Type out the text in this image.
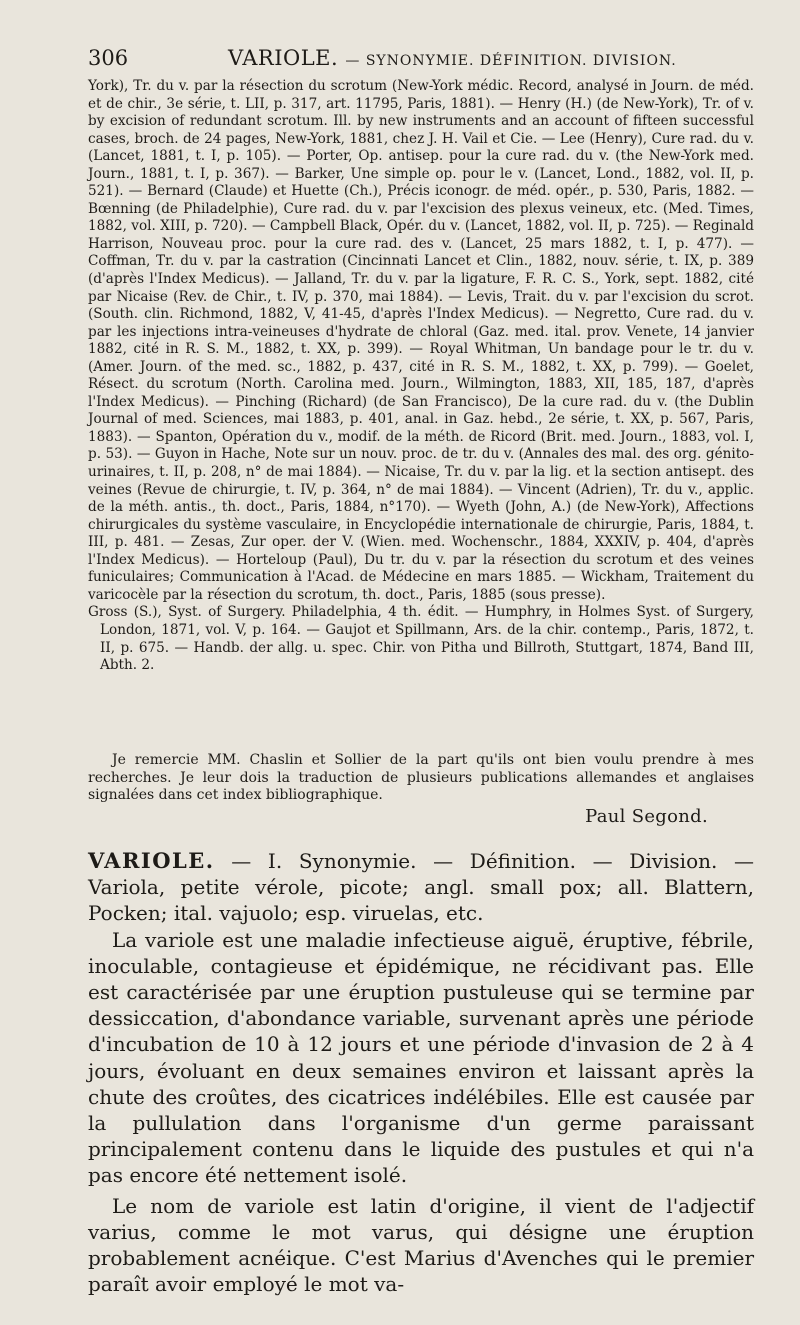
306	VARIOLE. — SYNONYMIE. DÉFINITION. DIVISION.

York), Tr. du v. par la résection du scrotum (New-York médic. Record, analysé in Journ. de méd. et de chir., 3e série, t. LII, p. 317, art. 11795, Paris, 1881). — Henry (H.) (de New-York), Tr. of v. by excision of redundant scrotum. Ill. by new instruments and an account of fifteen successful cases, broch. de 24 pages, New-York, 1881, chez J. H. Vail et Cie. — Lee (Henry), Cure rad. du v. (Lancet, 1881, t. I, p. 105). — Porter, Op. antisep. pour la cure rad. du v. (the New-York med. Journ., 1881, t. I, p. 367). — Barker, Une simple op. pour le v. (Lancet, Lond., 1882, vol. II, p. 521). — Bernard (Claude) et Huette (Ch.), Précis iconogr. de méd. opér., p. 530, Paris, 1882. — Bœnning (de Philadelphie), Cure rad. du v. par l'excision des plexus veineux, etc. (Med. Times, 1882, vol. XIII, p. 720). — Campbell Black, Opér. du v. (Lancet, 1882, vol. II, p. 725). — Reginald Harrison, Nouveau proc. pour la cure rad. des v. (Lancet, 25 mars 1882, t. I, p. 477). — Coffman, Tr. du v. par la castration (Cincinnati Lancet et Clin., 1882, nouv. série, t. IX, p. 389 (d'après l'Index Medicus). — Jalland, Tr. du v. par la ligature, F. R. C. S., York, sept. 1882, cité par Nicaise (Rev. de Chir., t. IV, p. 370, mai 1884). — Levis, Trait. du v. par l'excision du scrot. (South. clin. Richmond, 1882, V, 41-45, d'après l'Index Medicus). — Negretto, Cure rad. du v. par les injections intra-veineuses d'hydrate de chloral (Gaz. med. ital. prov. Venete, 14 janvier 1882, cité in R. S. M., 1882, t. XX, p. 399). — Royal Whitman, Un bandage pour le tr. du v. (Amer. Journ. of the med. sc., 1882, p. 437, cité in R. S. M., 1882, t. XX, p. 799). — Goelet, Résect. du scrotum (North. Carolina med. Journ., Wilmington, 1883, XII, 185, 187, d'après l'Index Medicus). — Pinching (Richard) (de San Francisco), De la cure rad. du v. (the Dublin Journal of med. Sciences, mai 1883, p. 401, anal. in Gaz. hebd., 2e série, t. XX, p. 567, Paris, 1883). — Spanton, Opération du v., modif. de la méth. de Ricord (Brit. med. Journ., 1883, vol. I, p. 53). — Guyon in Hache, Note sur un nouv. proc. de tr. du v. (Annales des mal. des org. génito-urinaires, t. II, p. 208, n° de mai 1884). — Nicaise, Tr. du v. par la lig. et la section antisept. des veines (Revue de chirurgie, t. IV, p. 364, n° de mai 1884). — Vincent (Adrien), Tr. du v., applic. de la méth. antis., th. doct., Paris, 1884, n°170). — Wyeth (John, A.) (de New-York), Affections chirurgicales du système vasculaire, in Encyclopédie internationale de chirurgie, Paris, 1884, t. III, p. 481. — Zesas, Zur oper. der V. (Wien. med. Wochenschr., 1884, XXXIV, p. 404, d'après l'Index Medicus). — Horteloup (Paul), Du tr. du v. par la résection du scrotum et des veines funiculaires; Communication à l'Acad. de Médecine en mars 1885. — Wickham, Traitement du varicocèle par la résection du scrotum, th. doct., Paris, 1885 (sous presse).

Gross (S.), Syst. of Surgery. Philadelphia, 4 th. édit. — Humphry, in Holmes Syst. of Surgery, London, 1871, vol. V, p. 164. — Gaujot et Spillmann, Ars. de la chir. contemp., Paris, 1872, t. II, p. 675. — Handb. der allg. u. spec. Chir. von Pitha und Billroth, Stuttgart, 1874, Band III, Abth. 2.

Je remercie MM. Chaslin et Sollier de la part qu'ils ont bien voulu prendre à mes recherches. Je leur dois la traduction de plusieurs publications allemandes et anglaises signalées dans cet index bibliographique.

Paul Segond.

VARIOLE. — I. Synonymie. — Définition. — Division. — Variola, petite vérole, picote; angl. small pox; all. Blattern, Pocken; ital. vajuolo; esp. viruelas, etc.

La variole est une maladie infectieuse aiguë, éruptive, fébrile, inoculable, contagieuse et épidémique, ne récidivant pas. Elle est caractérisée par une éruption pustuleuse qui se termine par dessiccation, d'abondance variable, survenant après une période d'incubation de 10 à 12 jours et une période d'invasion de 2 à 4 jours, évoluant en deux semaines environ et laissant après la chute des croûtes, des cicatrices indélébiles. Elle est causée par la pullulation dans l'organisme d'un germe paraissant principalement contenu dans le liquide des pustules et qui n'a pas encore été nettement isolé.

Le nom de variole est latin d'origine, il vient de l'adjectif varius, comme le mot varus, qui désigne une éruption probablement acnéique. C'est Marius d'Avenches qui le premier paraît avoir employé le mot va-
